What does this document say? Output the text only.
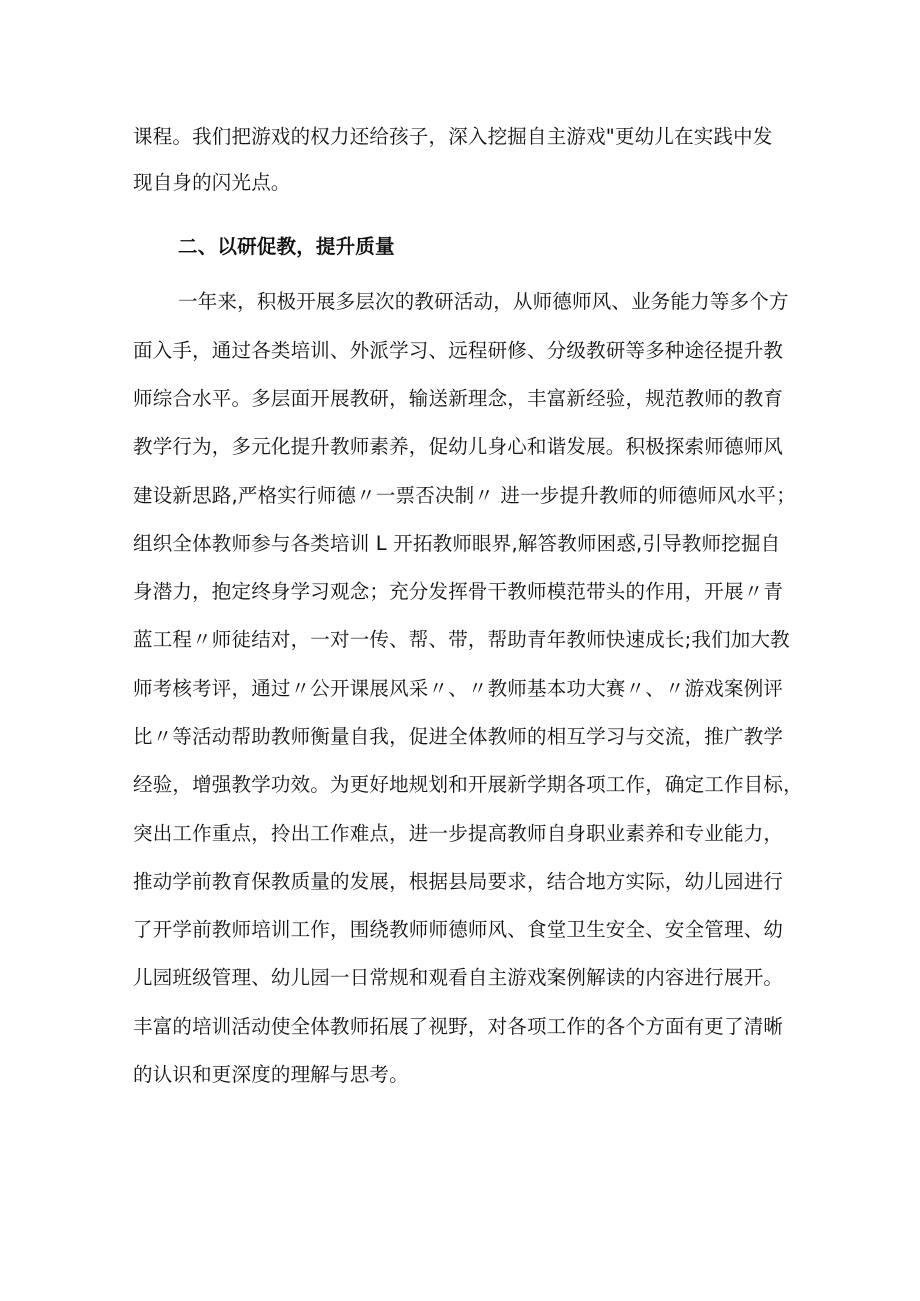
课程。我们把游戏的权力还给孩子，深入挖掘自主游戏"更幼儿在实践中发
现自身的闪光点。
二、以研促教，提升质量
一年来，积极开展多层次的教研活动，从师德师风、业务能力等多个方
面入手，通过各类培训、外派学习、远程研修、分级教研等多种途径提升教
师综合水平。多层面开展教研，输送新理念，丰富新经验，规范教师的教育
教学行为，多元化提升教师素养，促幼儿身心和谐发展。积极探索师德师风
建设新思路,严格实行师德〃一票否决制〃 进一步提升教师的师德师风水平；
组织全体教师参与各类培训 L 开拓教师眼界,解答教师困惑,引导教师挖掘自
身潜力，抱定终身学习观念；充分发挥骨干教师模范带头的作用，开展〃青
蓝工程〃师徒结对，一对一传、帮、带，帮助青年教师快速成长;我们加大教
师考核考评，通过〃公开课展风采〃、〃教师基本功大赛〃、〃游戏案例评
比〃等活动帮助教师衡量自我，促进全体教师的相互学习与交流，推广教学
经验，增强教学功效。为更好地规划和开展新学期各项工作，确定工作目标，
突出工作重点，拎出工作难点，进一步提高教师自身职业素养和专业能力，
推动学前教育保教质量的发展，根据县局要求，结合地方实际，幼儿园进行
了开学前教师培训工作，围绕教师师德师风、食堂卫生安全、安全管理、幼
儿园班级管理、幼儿园一日常规和观看自主游戏案例解读的内容进行展开。
丰富的培训活动使全体教师拓展了视野，对各项工作的各个方面有更了清晰
的认识和更深度的理解与思考。
